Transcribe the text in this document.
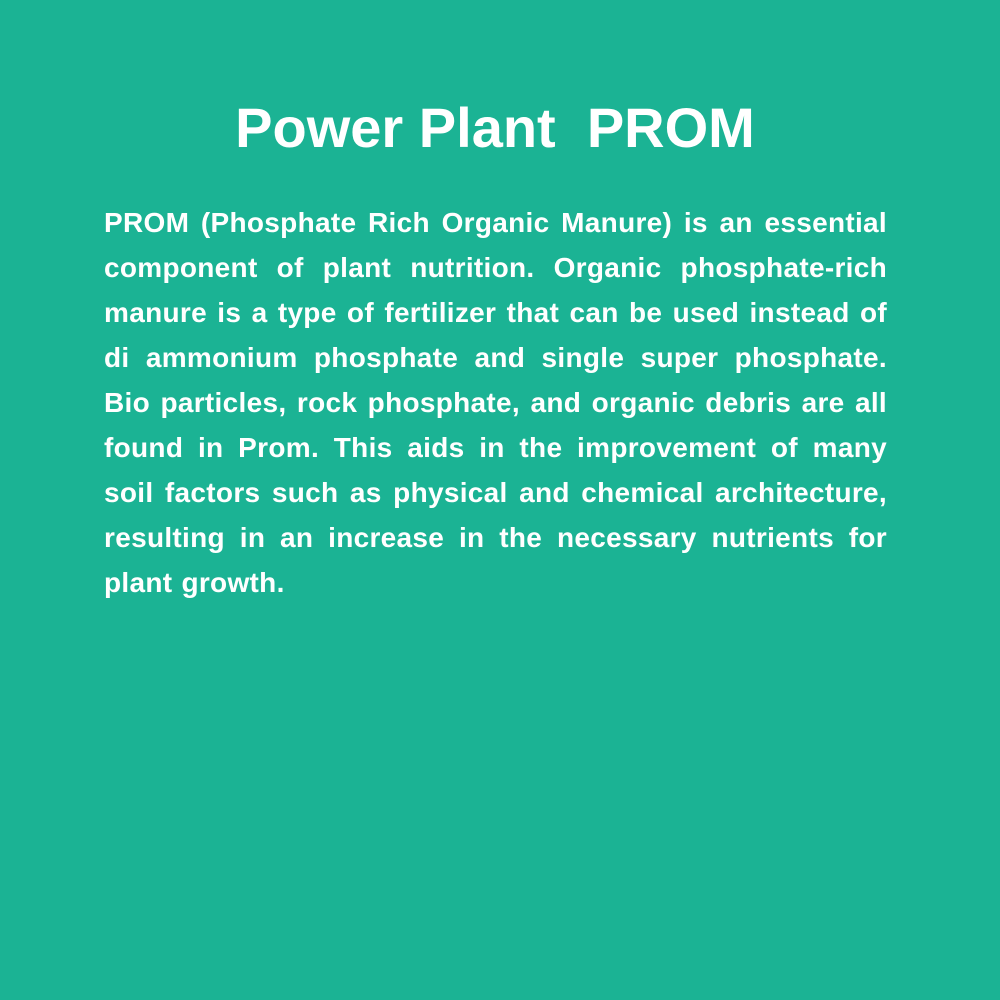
Power Plant  PROM

PROM (Phosphate Rich Organic Manure) is an essential component of plant nutrition. Organic phosphate-rich manure is a type of fertilizer that can be used instead of di ammonium phosphate and single super phosphate. Bio particles, rock phosphate, and organic debris are all found in Prom. This aids in the improvement of many soil factors such as physical and chemical architecture, resulting in an increase in the necessary nutrients for plant growth.
